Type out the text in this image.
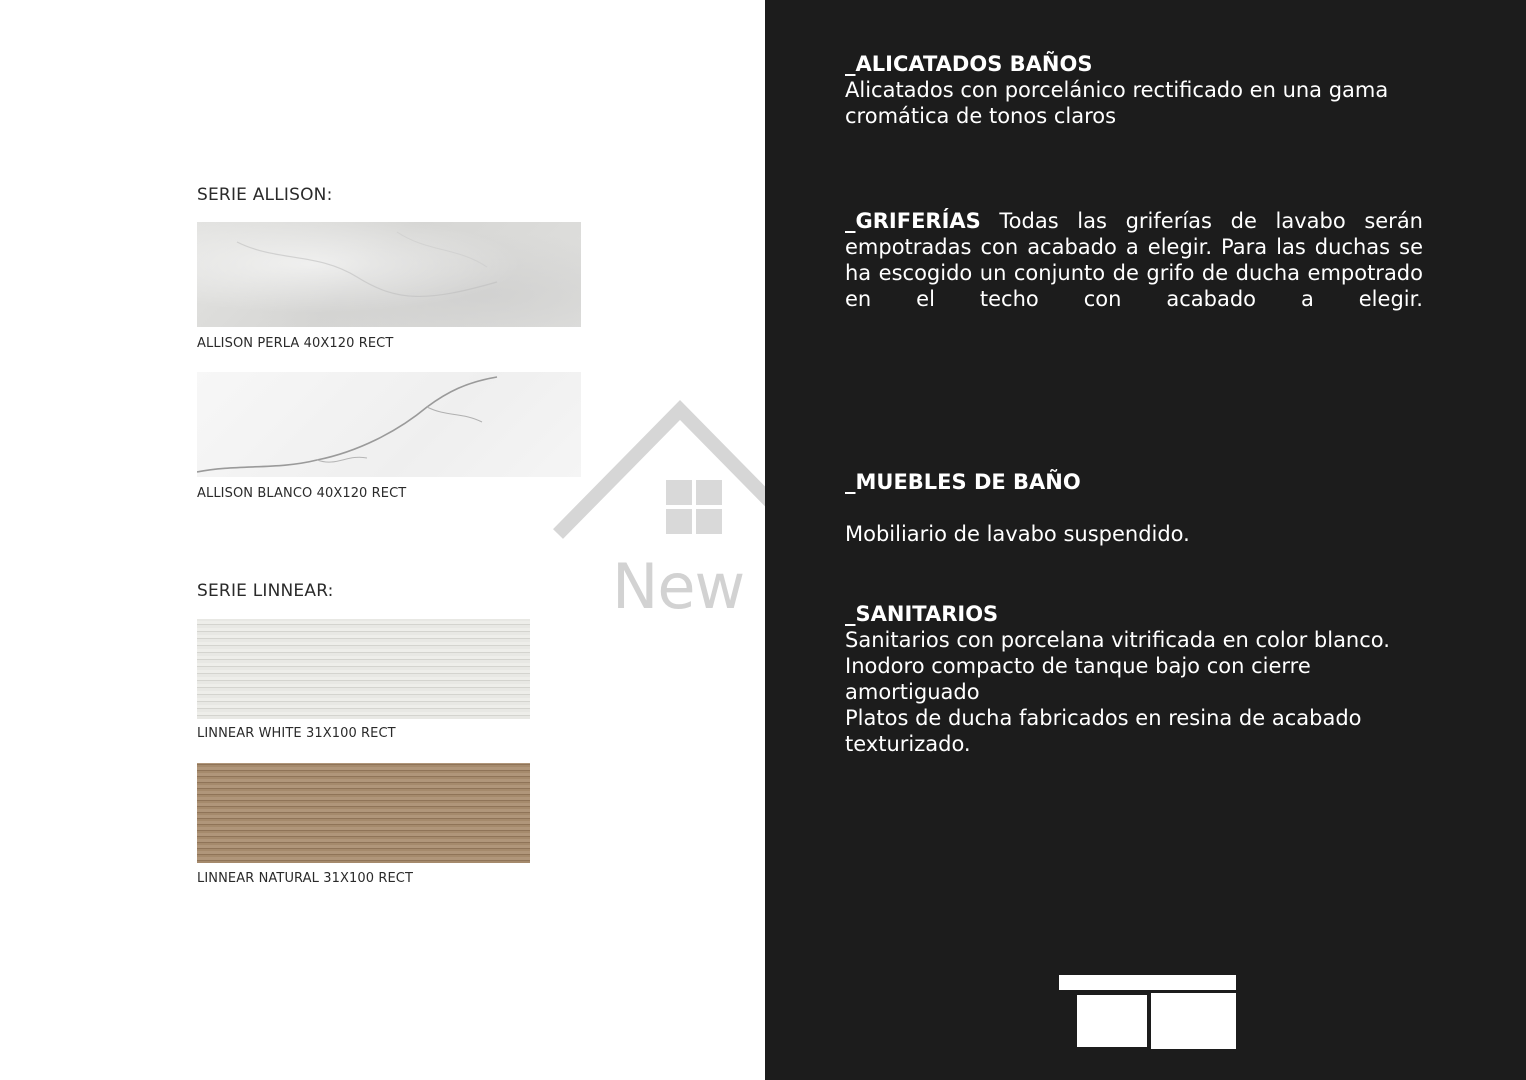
New
SERIE ALLISON:
ALLISON PERLA 40X120 RECT
ALLISON BLANCO 40X120 RECT
SERIE LINNEAR:
LINNEAR WHITE 31X100 RECT
LINNEAR NATURAL 31X100 RECT
_ALICATADOS BAÑOS
Alicatados con porcelánico rectificado en una gama cromática de tonos claros
_GRIFERÍAS Todas las griferías de lavabo serán empotradas con acabado a elegir. Para las duchas se ha escogido un conjunto de grifo de ducha empotrado en el techo con acabado a elegir.
_MUEBLES DE BAÑO
Mobiliario de lavabo suspendido.
_SANITARIOS
Sanitarios con porcelana vitrificada en color blanco.
Inodoro compacto de tanque bajo con cierre amortiguado
Platos de ducha fabricados en resina de acabado texturizado.
